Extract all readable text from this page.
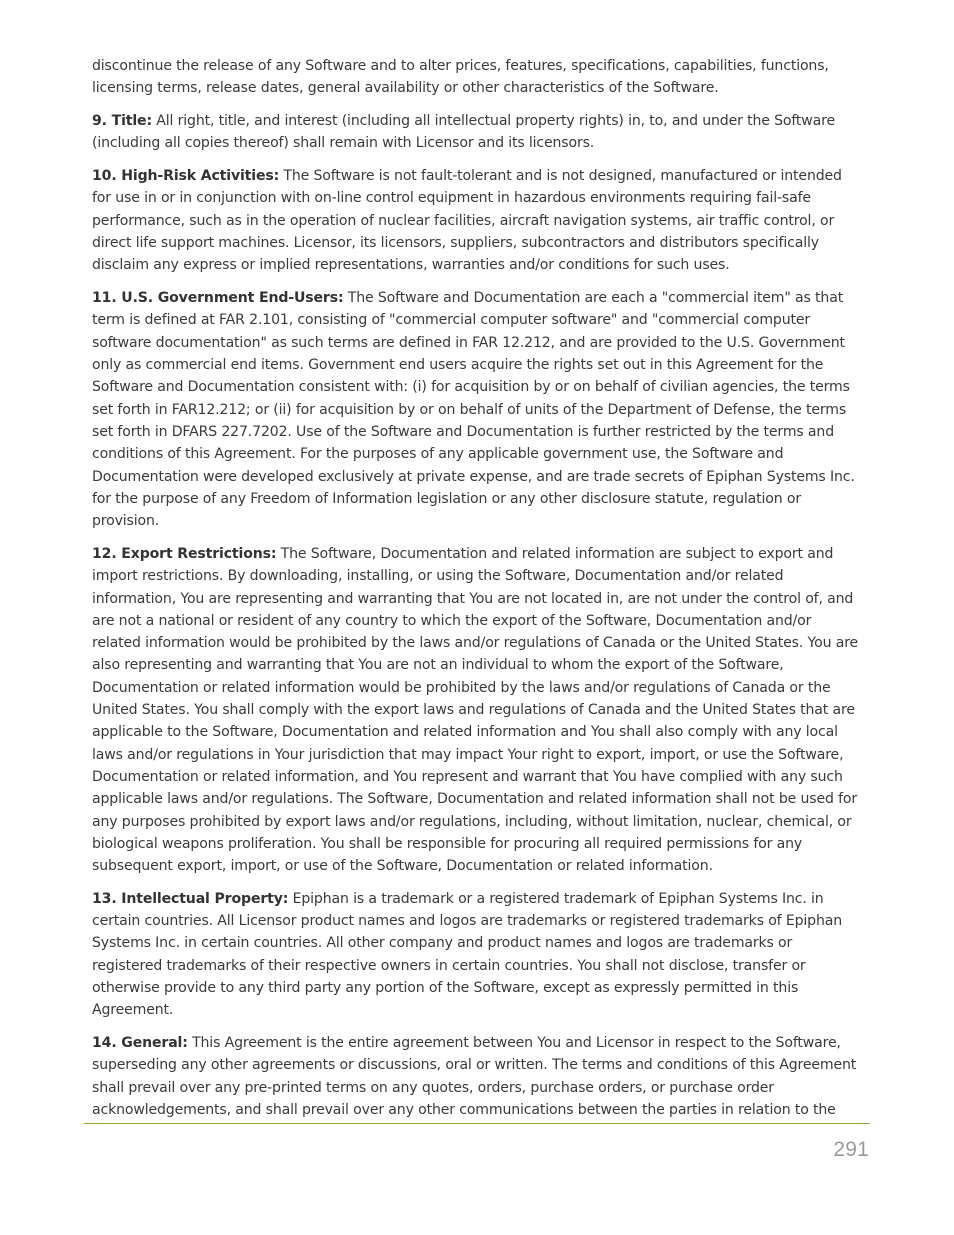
discontinue the release of any Software and to alter prices, features, specifications, capabilities, functions, licensing terms, release dates, general availability or other characteristics of the Software.

9. Title: All right, title, and interest (including all intellectual property rights) in, to, and under the Software (including all copies thereof) shall remain with Licensor and its licensors.

10. High-Risk Activities: The Software is not fault-tolerant and is not designed, manufactured or intended for use in or in conjunction with on-line control equipment in hazardous environments requiring fail-safe performance, such as in the operation of nuclear facilities, aircraft navigation systems, air traffic control, or direct life support machines. Licensor, its licensors, suppliers, subcontractors and distributors specifically disclaim any express or implied representations, warranties and/or conditions for such uses.

11. U.S. Government End-Users: The Software and Documentation are each a "commercial item" as that term is defined at FAR 2.101, consisting of "commercial computer software" and "commercial computer software documentation" as such terms are defined in FAR 12.212, and are provided to the U.S. Government only as commercial end items. Government end users acquire the rights set out in this Agreement for the Software and Documentation consistent with: (i) for acquisition by or on behalf of civilian agencies, the terms set forth in FAR12.212; or (ii) for acquisition by or on behalf of units of the Department of Defense, the terms set forth in DFARS 227.7202. Use of the Software and Documentation is further restricted by the terms and conditions of this Agreement. For the purposes of any applicable government use, the Software and Documentation were developed exclusively at private expense, and are trade secrets of Epiphan Systems Inc. for the purpose of any Freedom of Information legislation or any other disclosure statute, regulation or provision.

12. Export Restrictions: The Software, Documentation and related information are subject to export and import restrictions. By downloading, installing, or using the Software, Documentation and/or related information, You are representing and warranting that You are not located in, are not under the control of, and are not a national or resident of any country to which the export of the Software, Documentation and/or related information would be prohibited by the laws and/or regulations of Canada or the United States. You are also representing and warranting that You are not an individual to whom the export of the Software, Documentation or related information would be prohibited by the laws and/or regulations of Canada or the United States. You shall comply with the export laws and regulations of Canada and the United States that are applicable to the Software, Documentation and related information and You shall also comply with any local laws and/or regulations in Your jurisdiction that may impact Your right to export, import, or use the Software, Documentation or related information, and You represent and warrant that You have complied with any such applicable laws and/or regulations. The Software, Documentation and related information shall not be used for any purposes prohibited by export laws and/or regulations, including, without limitation, nuclear, chemical, or biological weapons proliferation. You shall be responsible for procuring all required permissions for any subsequent export, import, or use of the Software, Documentation or related information.

13. Intellectual Property: Epiphan is a trademark or a registered trademark of Epiphan Systems Inc. in certain countries. All Licensor product names and logos are trademarks or registered trademarks of Epiphan Systems Inc. in certain countries. All other company and product names and logos are trademarks or registered trademarks of their respective owners in certain countries. You shall not disclose, transfer or otherwise provide to any third party any portion of the Software, except as expressly permitted in this Agreement.

14. General: This Agreement is the entire agreement between You and Licensor in respect to the Software, superseding any other agreements or discussions, oral or written. The terms and conditions of this Agreement shall prevail over any pre-printed terms on any quotes, orders, purchase orders, or purchase order acknowledgements, and shall prevail over any other communications between the parties in relation to the

291
